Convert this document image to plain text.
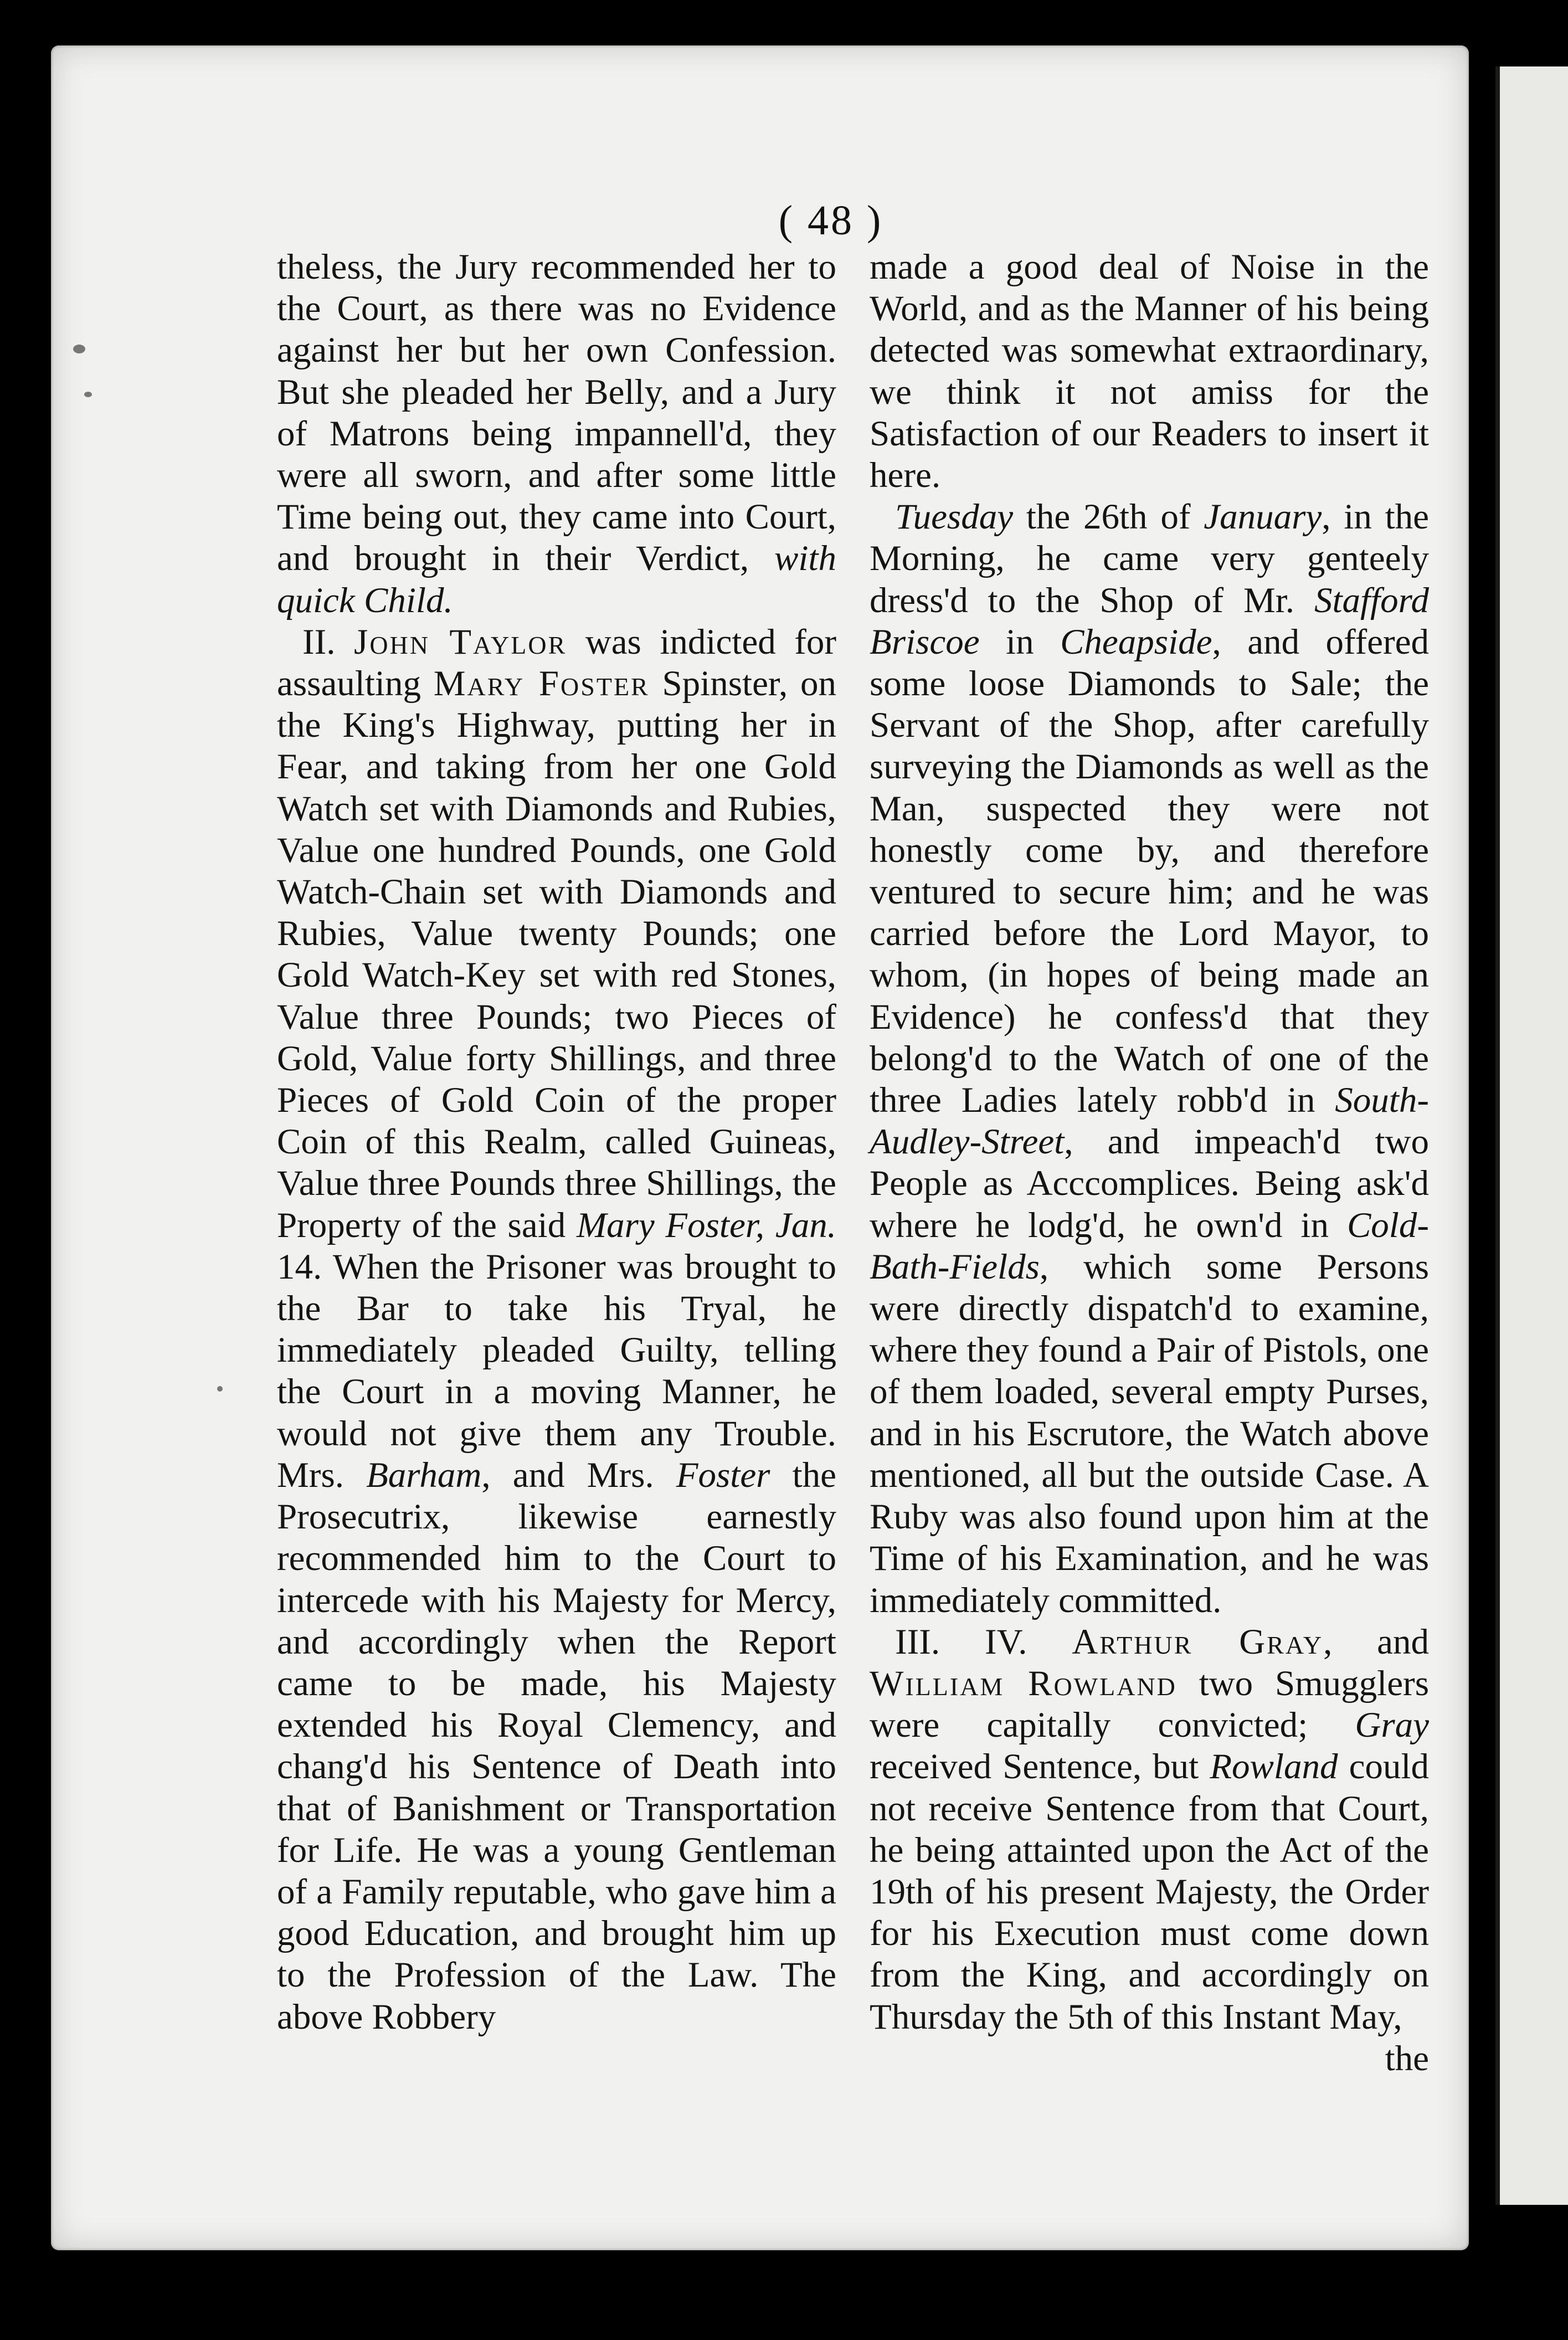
( 48 )

theless, the Jury recommended her to the Court, as there was no Evidence against her but her own Confession. But she pleaded her Belly, and a Jury of Matrons being impannell'd, they were all sworn, and after some little Time being out, they came into Court, and brought in their Verdict, with quick Child.

II. John Taylor was indicted for assaulting Mary Foster Spinster, on the King's Highway, putting her in Fear, and taking from her one Gold Watch set with Diamonds and Rubies, Value one hundred Pounds, one Gold Watch-Chain set with Diamonds and Rubies, Value twenty Pounds; one Gold Watch-Key set with red Stones, Value three Pounds; two Pieces of Gold, Value forty Shillings, and three Pieces of Gold Coin of the proper Coin of this Realm, called Guineas, Value three Pounds three Shillings, the Property of the said Mary Foster, Jan. 14. When the Prisoner was brought to the Bar to take his Tryal, he immediately pleaded Guilty, telling the Court in a moving Manner, he would not give them any Trouble. Mrs. Barham, and Mrs. Foster the Prosecutrix, likewise earnestly recommended him to the Court to intercede with his Majesty for Mercy, and accordingly when the Report came to be made, his Majesty extended his Royal Clemency, and chang'd his Sentence of Death into that of Banishment or Transportation for Life. He was a young Gentleman of a Family reputable, who gave him a good Education, and brought him up to the Profession of the Law. The above Robbery

made a good deal of Noise in the World, and as the Manner of his being detected was somewhat extraordinary, we think it not amiss for the Satisfaction of our Readers to insert it here.

Tuesday the 26th of January, in the Morning, he came very genteely dress'd to the Shop of Mr. Stafford Briscoe in Cheapside, and offered some loose Diamonds to Sale; the Servant of the Shop, after carefully surveying the Diamonds as well as the Man, suspected they were not honestly come by, and therefore ventured to secure him; and he was carried before the Lord Mayor, to whom, (in hopes of being made an Evidence) he confess'd that they belong'd to the Watch of one of the three Ladies lately robb'd in South-Audley-Street, and impeach'd two People as Acccomplices. Being ask'd where he lodg'd, he own'd in Cold-Bath-Fields, which some Persons were directly dispatch'd to examine, where they found a Pair of Pistols, one of them loaded, several empty Purses, and in his Escrutore, the Watch above mentioned, all but the outside Case. A Ruby was also found upon him at the Time of his Examination, and he was immediately committed.

III. IV. Arthur Gray, and William Rowland two Smugglers were capitally convicted; Gray received Sentence, but Rowland could not receive Sentence from that Court, he being attainted upon the Act of the 19th of his present Majesty, the Order for his Execution must come down from the King, and accordingly on Thursday the 5th of this Instant May,

the
